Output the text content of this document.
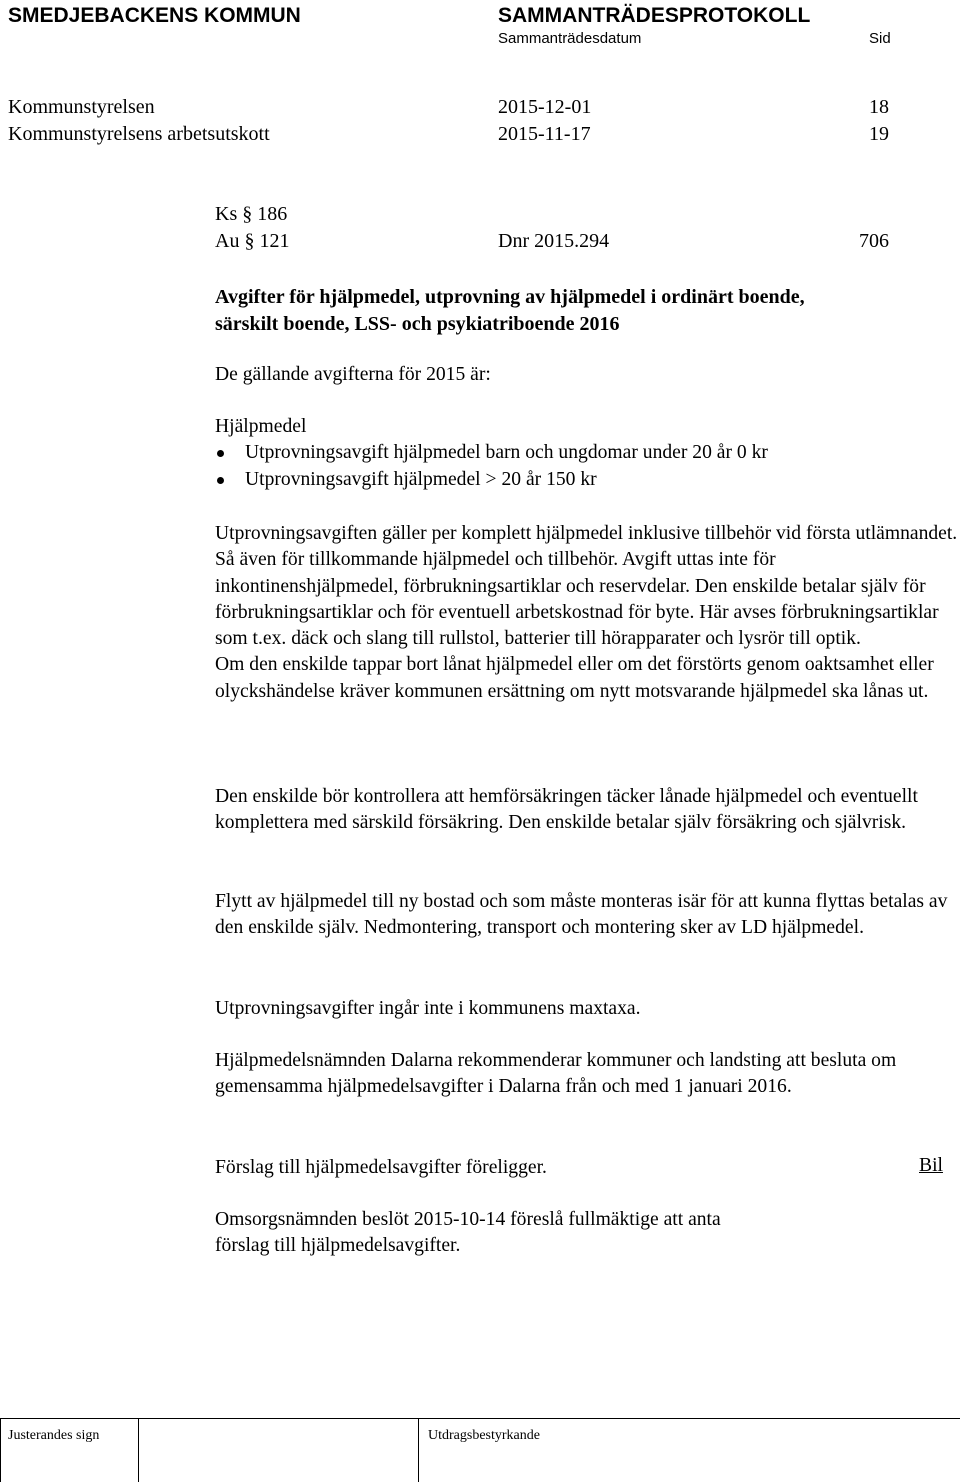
SMEDJEBACKENS KOMMUN	SAMMANTRÄDESPROTOKOLL
Sammanträdesdatum	Sid
Kommunstyrelsen	2015-12-01	18
Kommunstyrelsens arbetsutskott	2015-11-17	19
Ks § 186
Au § 121	Dnr 2015.294	706
Avgifter för hjälpmedel, utprovning av hjälpmedel i ordinärt boende,
särskilt boende, LSS- och psykiatriboende 2016
De gällande avgifterna för 2015 är:
Hjälpmedel
Utprovningsavgift hjälpmedel barn och ungdomar under 20 år 0 kr
Utprovningsavgift hjälpmedel > 20 år 150 kr

Utprovningsavgiften gäller per komplett hjälpmedel inklusive tillbehör vid första utlämnandet. Så även för tillkommande hjälpmedel och tillbehör. Avgift uttas inte för inkontinenshjälpmedel, förbrukningsartiklar och reservdelar. Den enskilde betalar själv för förbrukningsartiklar och för eventuell arbetskostnad för byte. Här avses förbrukningsartiklar som t.ex. däck och slang till rullstol, batterier till hörapparater och lysrör till optik.

Om den enskilde tappar bort lånat hjälpmedel eller om det förstörts genom oaktsamhet eller olyckshändelse kräver kommunen ersättning om nytt motsvarande hjälpmedel ska lånas ut.

Den enskilde bör kontrollera att hemförsäkringen täcker lånade hjälpmedel och eventuellt komplettera med särskild försäkring. Den enskilde betalar själv försäkring och självrisk.
Flytt av hjälpmedel till ny bostad och som måste monteras isär för att kunna flyttas betalas av den enskilde själv. Nedmontering, transport och montering sker av LD hjälpmedel.
Utprovningsavgifter ingår inte i kommunens maxtaxa.
Hjälpmedelsnämnden Dalarna rekommenderar kommuner och landsting att besluta om gemensamma hjälpmedelsavgifter i Dalarna från och med 1 januari 2016.
Förslag till hjälpmedelsavgifter föreligger.	Bil
Omsorgsnämnden beslöt 2015-10-14 föreslå fullmäktige att anta förslag till hjälpmedelsavgifter.
Justerandes sign	Utdragsbestyrkande
